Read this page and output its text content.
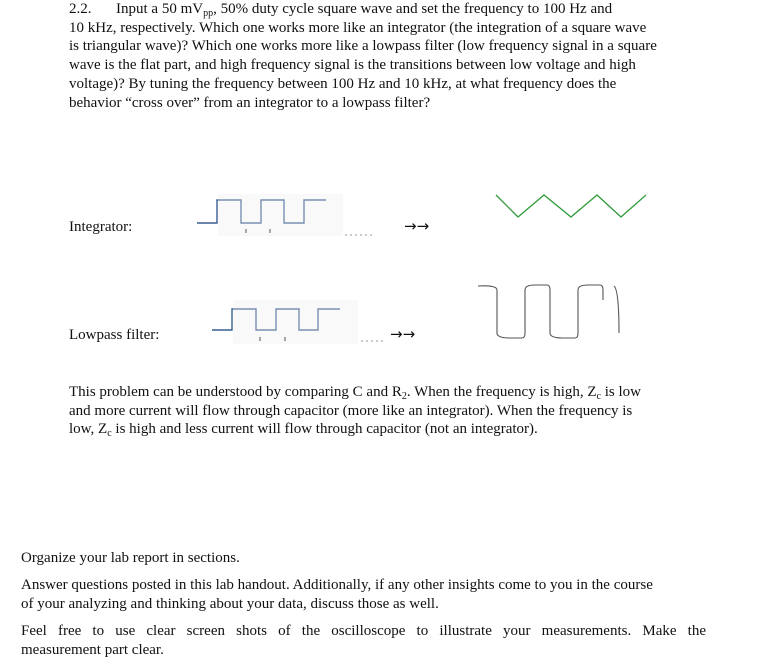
2.2. Input a 50 $mV_{pp}$, 50% duty cycle square wave and set the frequency to 100 Hz and
10 kHz, respectively. Which one works more like an integrator (the integration of a square wave
is triangular wave)? Which one works more like a lowpass filter (low frequency signal in a square
wave is the flat part, and high frequency signal is the transitions between low voltage and high
voltage)? By tuning the frequency between 100 Hz and 10 kHz, at what frequency does the
behavior “cross over” from an integrator to a lowpass filter?
Integrator:
Lowpass filter:
→→
→→
This problem can be understood by comparing C and $R_2$. When the frequency is high, $Z_c$ is low
and more current will flow through capacitor (more like an integrator). When the frequency is
low, $Z_c$ is high and less current will flow through capacitor (not an integrator).
Organize your lab report in sections.
Answer questions posted in this lab handout. Additionally, if any other insights come to you in the course
of your analyzing and thinking about your data, discuss those as well.
Feel free to use clear screen shots of the oscilloscope to illustrate your measurements. Make the
measurement part clear.
